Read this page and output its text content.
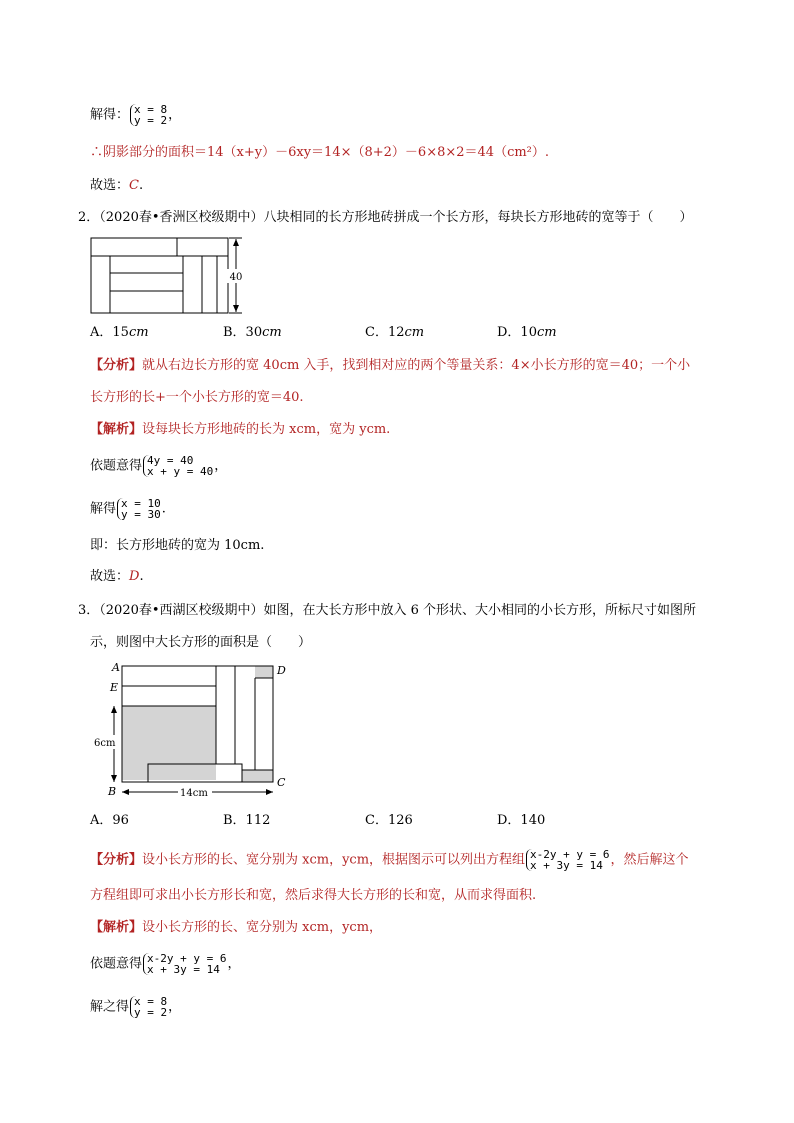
解得： x = 8
y = 2 ，
∴阴影部分的面积＝14（x+y）－6xy＝14×（8+2）－6×8×2＝44（cm²）.
故选：C.
2．（2020春•香洲区校级期中）八块相同的长方形地砖拼成一个长方形，每块长方形地砖的宽等于（　　）
40
A．15cm	B．30cm	C．12cm	D．10cm
【分析】就从右边长方形的宽 40cm 入手，找到相对应的两个等量关系：4×小长方形的宽＝40；一个小
长方形的长+一个小长方形的宽＝40.
【解析】设每块长方形地砖的长为 xcm，宽为 ycm.
依题意得 4y = 40
x + y = 40 ，
解得 x = 10
y = 30 .
即：长方形地砖的宽为 10cm.
故选：D.
3．（2020春•西湖区校级期中）如图，在大长方形中放入 6 个形状、大小相同的小长方形，所标尺寸如图所
示，则图中大长方形的面积是（　　）
A	D
E
B
C
6cm
14cm
A．96	B．112	C．126	D．140
【分析】设小长方形的长、宽分别为 xcm，ycm，根据图示可以列出方程组 x-2y + y = 6
x + 3y = 14 ，然后解这个
方程组即可求出小长方形长和宽，然后求得大长方形的长和宽，从而求得面积.
【解析】设小长方形的长、宽分别为 xcm，ycm，
依题意得 x-2y + y = 6
x + 3y = 14 ，
解之得 x = 8
y = 2 ，
